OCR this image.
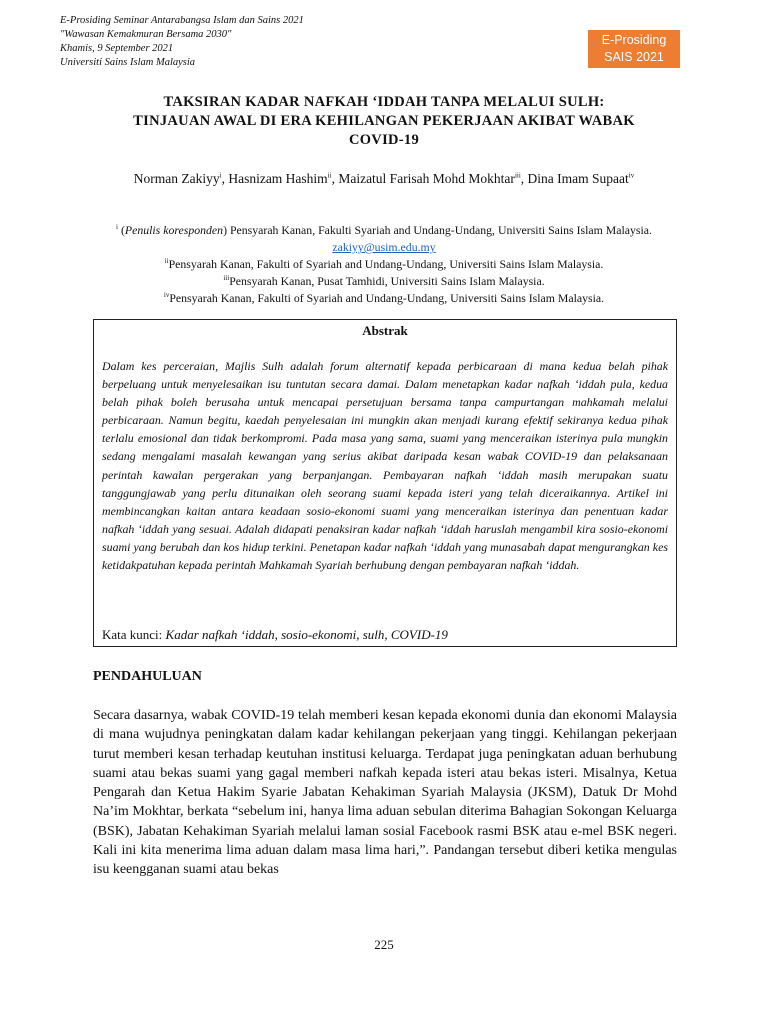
E-Prosiding Seminar Antarabangsa Islam dan Sains 2021
"Wawasan Kemakmuran Bersama 2030"
Khamis, 9 September 2021
Universiti Sains Islam Malaysia
E-Prosiding
SAIS 2021
TAKSIRAN KADAR NAFKAH ‘IDDAH TANPA MELALUI SULH:
TINJAUAN AWAL DI ERA KEHILANGAN PEKERJAAN AKIBAT WABAK
COVID-19
Norman Zakiyy$^i$, Hasnizam Hashim$^{ii}$, Maizatul Farisah Mohd Mokhtar$^{iii}$, Dina Imam Supaat$^{iv}$
$^i$ (Penulis koresponden) Pensyarah Kanan, Fakulti Syariah and Undang-Undang, Universiti Sains Islam Malaysia. zakiyy@usim.edu.my
$^{ii}$Pensyarah Kanan, Fakulti of Syariah and Undang-Undang, Universiti Sains Islam Malaysia.
$^{iii}$Pensyarah Kanan, Pusat Tamhidi, Universiti Sains Islam Malaysia.
$^{iv}$Pensyarah Kanan, Fakulti of Syariah and Undang-Undang, Universiti Sains Islam Malaysia.
Abstrak
Dalam kes perceraian, Majlis Sulh adalah forum alternatif kepada perbicaraan di mana kedua belah pihak berpeluang untuk menyelesaikan isu tuntutan secara damai. Dalam menetapkan kadar nafkah ‘iddah pula, kedua belah pihak boleh berusaha untuk mencapai persetujuan bersama tanpa campurtangan mahkamah melalui perbicaraan. Namun begitu, kaedah penyelesaian ini mungkin akan menjadi kurang efektif sekiranya kedua pihak terlalu emosional dan tidak berkompromi. Pada masa yang sama, suami yang menceraikan isterinya pula mungkin sedang mengalami masalah kewangan yang serius akibat daripada kesan wabak COVID-19 dan pelaksanaan perintah kawalan pergerakan yang berpanjangan. Pembayaran nafkah ‘iddah masih merupakan suatu tanggungjawab yang perlu ditunaikan oleh seorang suami kepada isteri yang telah diceraikannya. Artikel ini membincangkan kaitan antara keadaan sosio-ekonomi suami yang menceraikan isterinya dan penentuan kadar nafkah ‘iddah yang sesuai. Adalah didapati penaksiran kadar nafkah ‘iddah haruslah mengambil kira sosio-ekonomi suami yang berubah dan kos hidup terkini. Penetapan kadar nafkah ‘iddah yang munasabah dapat mengurangkan kes ketidakpatuhan kepada perintah Mahkamah Syariah berhubung dengan pembayaran nafkah ‘iddah.
Kata kunci: Kadar nafkah ‘iddah, sosio-ekonomi, sulh, COVID-19
PENDAHULUAN
Secara dasarnya, wabak COVID-19 telah memberi kesan kepada ekonomi dunia dan ekonomi Malaysia di mana wujudnya peningkatan dalam kadar kehilangan pekerjaan yang tinggi. Kehilangan pekerjaan turut memberi kesan terhadap keutuhan institusi keluarga. Terdapat juga peningkatan aduan berhubung suami atau bekas suami yang gagal memberi nafkah kepada isteri atau bekas isteri. Misalnya, Ketua Pengarah dan Ketua Hakim Syarie Jabatan Kehakiman Syariah Malaysia (JKSM), Datuk Dr Mohd Na’im Mokhtar, berkata “sebelum ini, hanya lima aduan sebulan diterima Bahagian Sokongan Keluarga (BSK), Jabatan Kehakiman Syariah melalui laman sosial Facebook rasmi BSK atau e-mel BSK negeri. Kali ini kita menerima lima aduan dalam masa lima hari,”. Pandangan tersebut diberi ketika mengulas isu keengganan suami atau bekas
225
